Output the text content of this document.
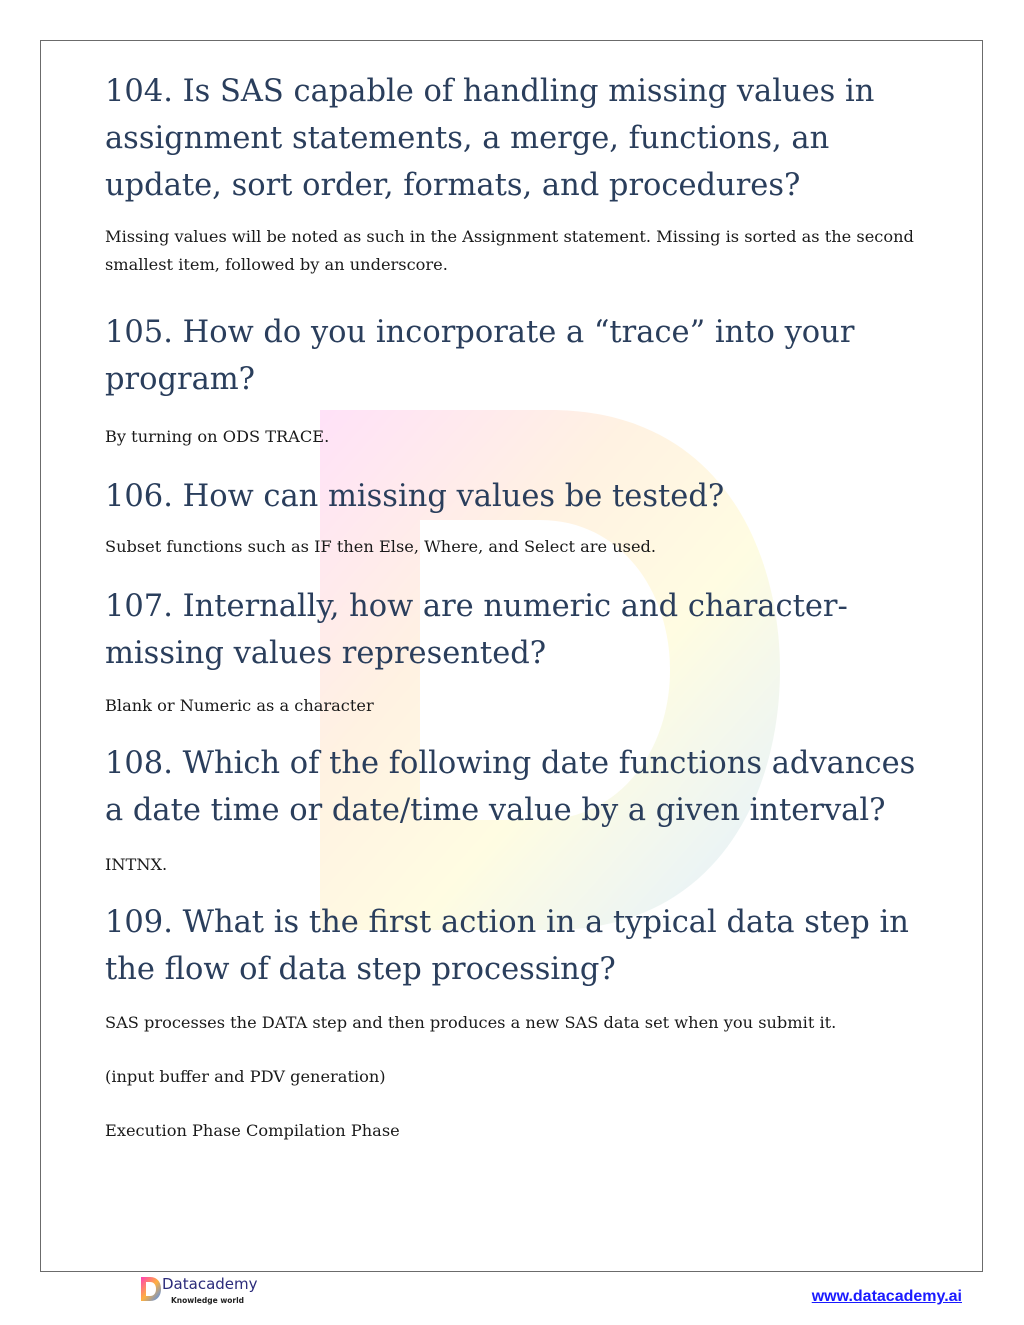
104. Is SAS capable of handling missing values in assignment statements, a merge, functions, an update, sort order, formats, and procedures?

Missing values will be noted as such in the Assignment statement. Missing is sorted as the second smallest item, followed by an underscore.

105. How do you incorporate a “trace” into your program?

By turning on ODS TRACE.

106. How can missing values be tested?

Subset functions such as IF then Else, Where, and Select are used.

107. Internally, how are numeric and character-missing values represented?

Blank or Numeric as a character

108. Which of the following date functions advances a date time or date/time value by a given interval?

INTNX.

109. What is the first action in a typical data step in the flow of data step processing?

SAS processes the DATA step and then produces a new SAS data set when you submit it.

(input buffer and PDV generation)

Execution Phase Compilation Phase

Datacademy
Knowledge world	www.datacademy.ai
